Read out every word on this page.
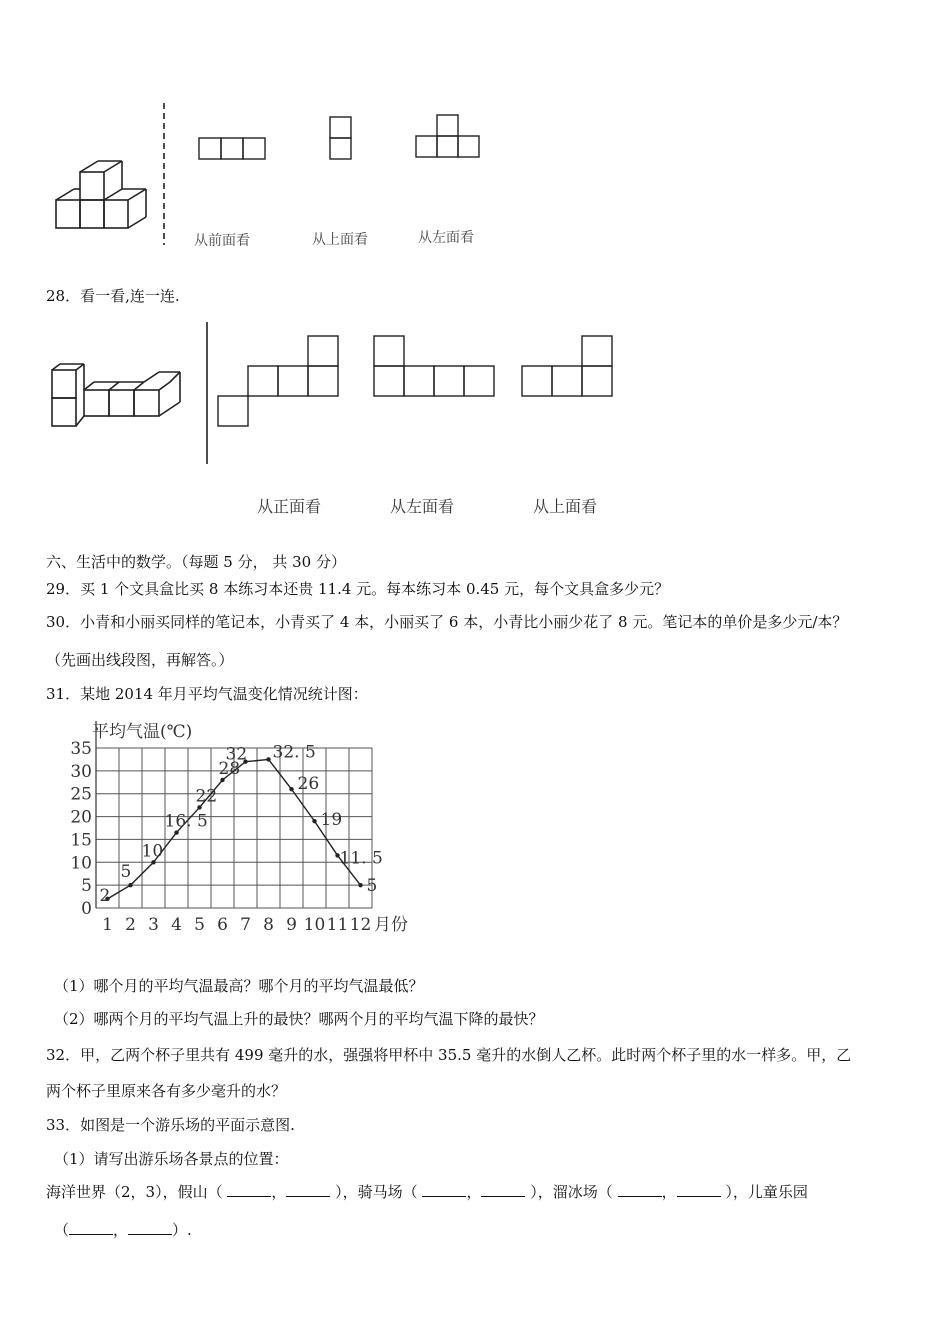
从前面看	从上面看	从左面看
28．看一看,连一连.
从正面看	从左面看	从上面看
六、生活中的数学。（每题 5 分， 共 30 分）
29．买 1 个文具盒比买 8 本练习本还贵 11.4 元。每本练习本 0.45 元，每个文具盒多少元？
30．小青和小丽买同样的笔记本，小青买了 4 本，小丽买了 6 本，小青比小丽少花了 8 元。笔记本的单价是多少元/本？
（先画出线段图，再解答。）
31．某地 2014 年月平均气温变化情况统计图：
0
5
10
15
20
25
30
35
1 2 3 4 5 6 7 8 9 10 11 12
平均气温(℃)
月份
2
5
10
16. 5
22
28
32 32. 5
26
19
11. 5
5
（1）哪个月的平均气温最高？哪个月的平均气温最低？
（2）哪两个月的平均气温上升的最快？哪两个月的平均气温下降的最快？
32．甲，乙两个杯子里共有 499 毫升的水，强强将甲杯中 35.5 毫升的水倒人乙杯。此时两个杯子里的水一样多。甲，乙
两个杯子里原来各有多少毫升的水？
33．如图是一个游乐场的平面示意图.
（1）请写出游乐场各景点的位置：
海洋世界（2，3），假山（	，	），骑马场（	，	），溜冰场（	，	），儿童乐园
（	，	）.
